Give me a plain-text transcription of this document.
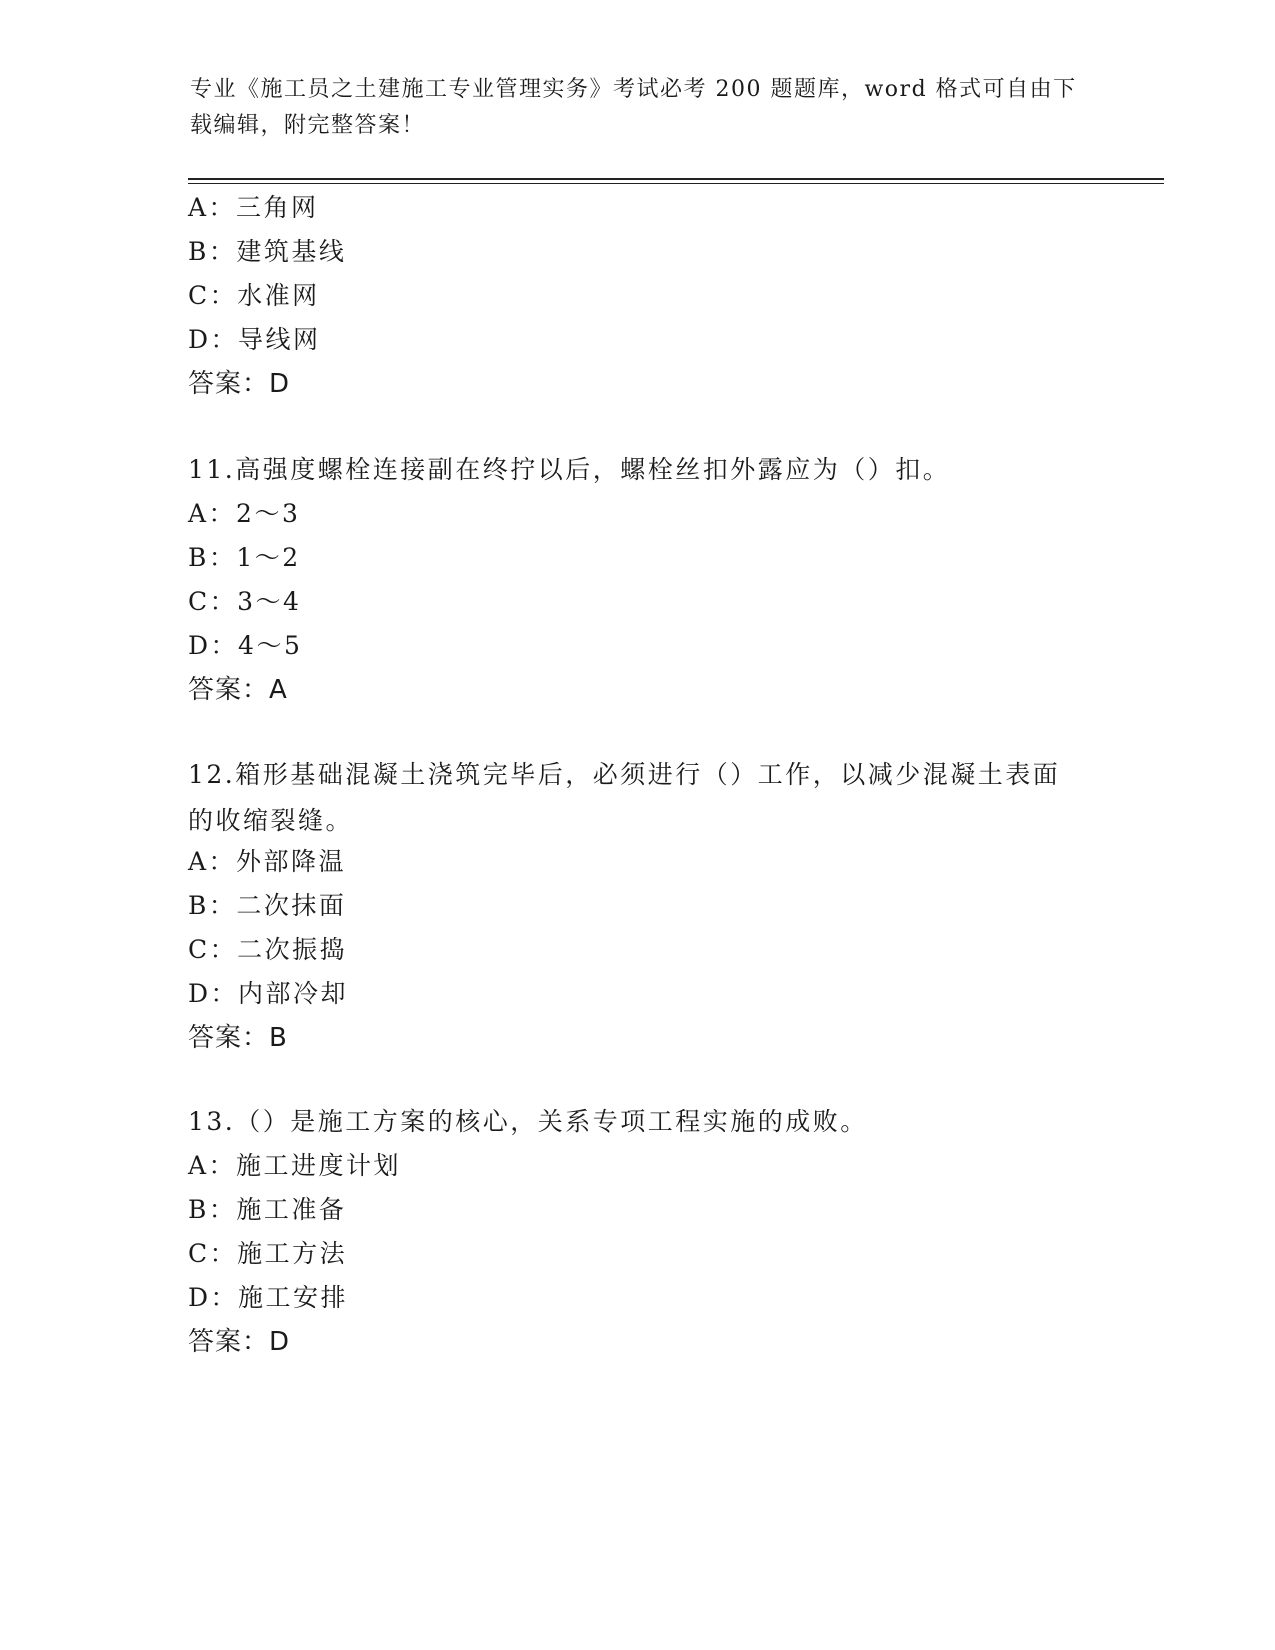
专业《施工员之土建施工专业管理实务》考试必考 200 题题库，word 格式可自由下载编辑，附完整答案！
A：三角网
B：建筑基线
C：水准网
D：导线网
答案：D
11.高强度螺栓连接副在终拧以后，螺栓丝扣外露应为（）扣。
A：2～3
B：1～2
C：3～4
D：4～5
答案：A
12.箱形基础混凝土浇筑完毕后，必须进行（）工作，以减少混凝土表面的收缩裂缝。
A：外部降温
B：二次抹面
C：二次振捣
D：内部冷却
答案：B
13.（）是施工方案的核心，关系专项工程实施的成败。
A：施工进度计划
B：施工准备
C：施工方法
D：施工安排
答案：D
